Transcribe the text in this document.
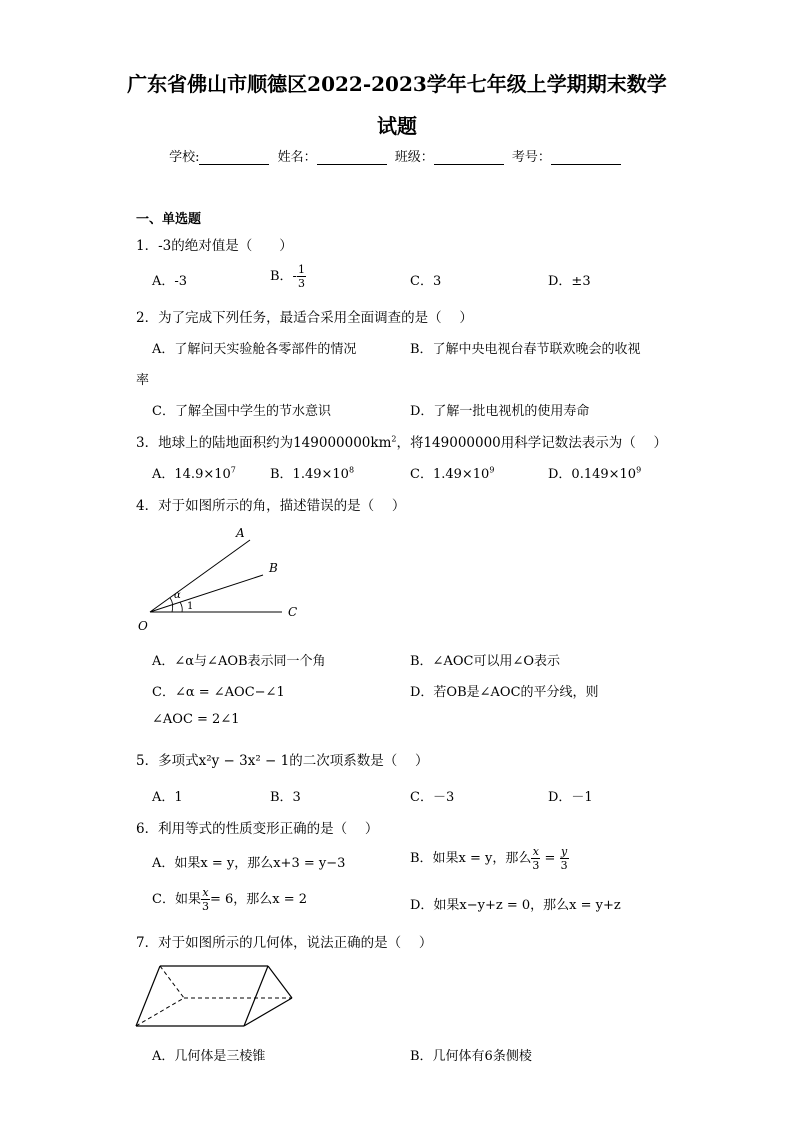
广东省佛山市顺德区2022-2023学年七年级上学期期末数学
试题
学校:	姓名：	班级：	考号：
一、单选题
1．-3的绝对值是（　　）
A．-3	B．- $\frac{1}{3}$	C．3	D．±3
2．为了完成下列任务，最适合采用全面调查的是（　 ）
A．了解问天实验舱各零部件的情况	B．了解中央电视台春节联欢晚会的收视
率
C．了解全国中学生的节水意识	D．了解一批电视机的使用寿命
3．地球上的陆地面积约为$149000000km^2$，将149000000用科学记数法表示为（　 ）
A．$14.9\times 10^7$	B．$1.49\times 10^8$	C．$1.49\times 10^9$	D．$0.149\times 10^9$
4．对于如图所示的角，描述错误的是（　 ）
A
B
C
O
α
1
A．∠α与∠AOB表示同一个角	B．∠AOC可以用∠O表示
C．∠α = ∠AOC−∠1	D．若OB是∠AOC的平分线，则
∠AOC = 2∠1
5．多项式x²y − 3x² − 1的二次项系数是（　 ）
A．1	B．3	C．－3	D．－1
6．利用等式的性质变形正确的是（　 ）
A．如果x = y，那么x+3 = y−3	B．如果x = y，那么 $\frac{x}{3} = \frac{y}{3}$
C．如果 $\frac{x}{3} = 6$，那么x = 2	D．如果x−y+z = 0，那么x = y+z
7．对于如图所示的几何体，说法正确的是（　 ）
A．几何体是三棱锥	B．几何体有6条侧棱
